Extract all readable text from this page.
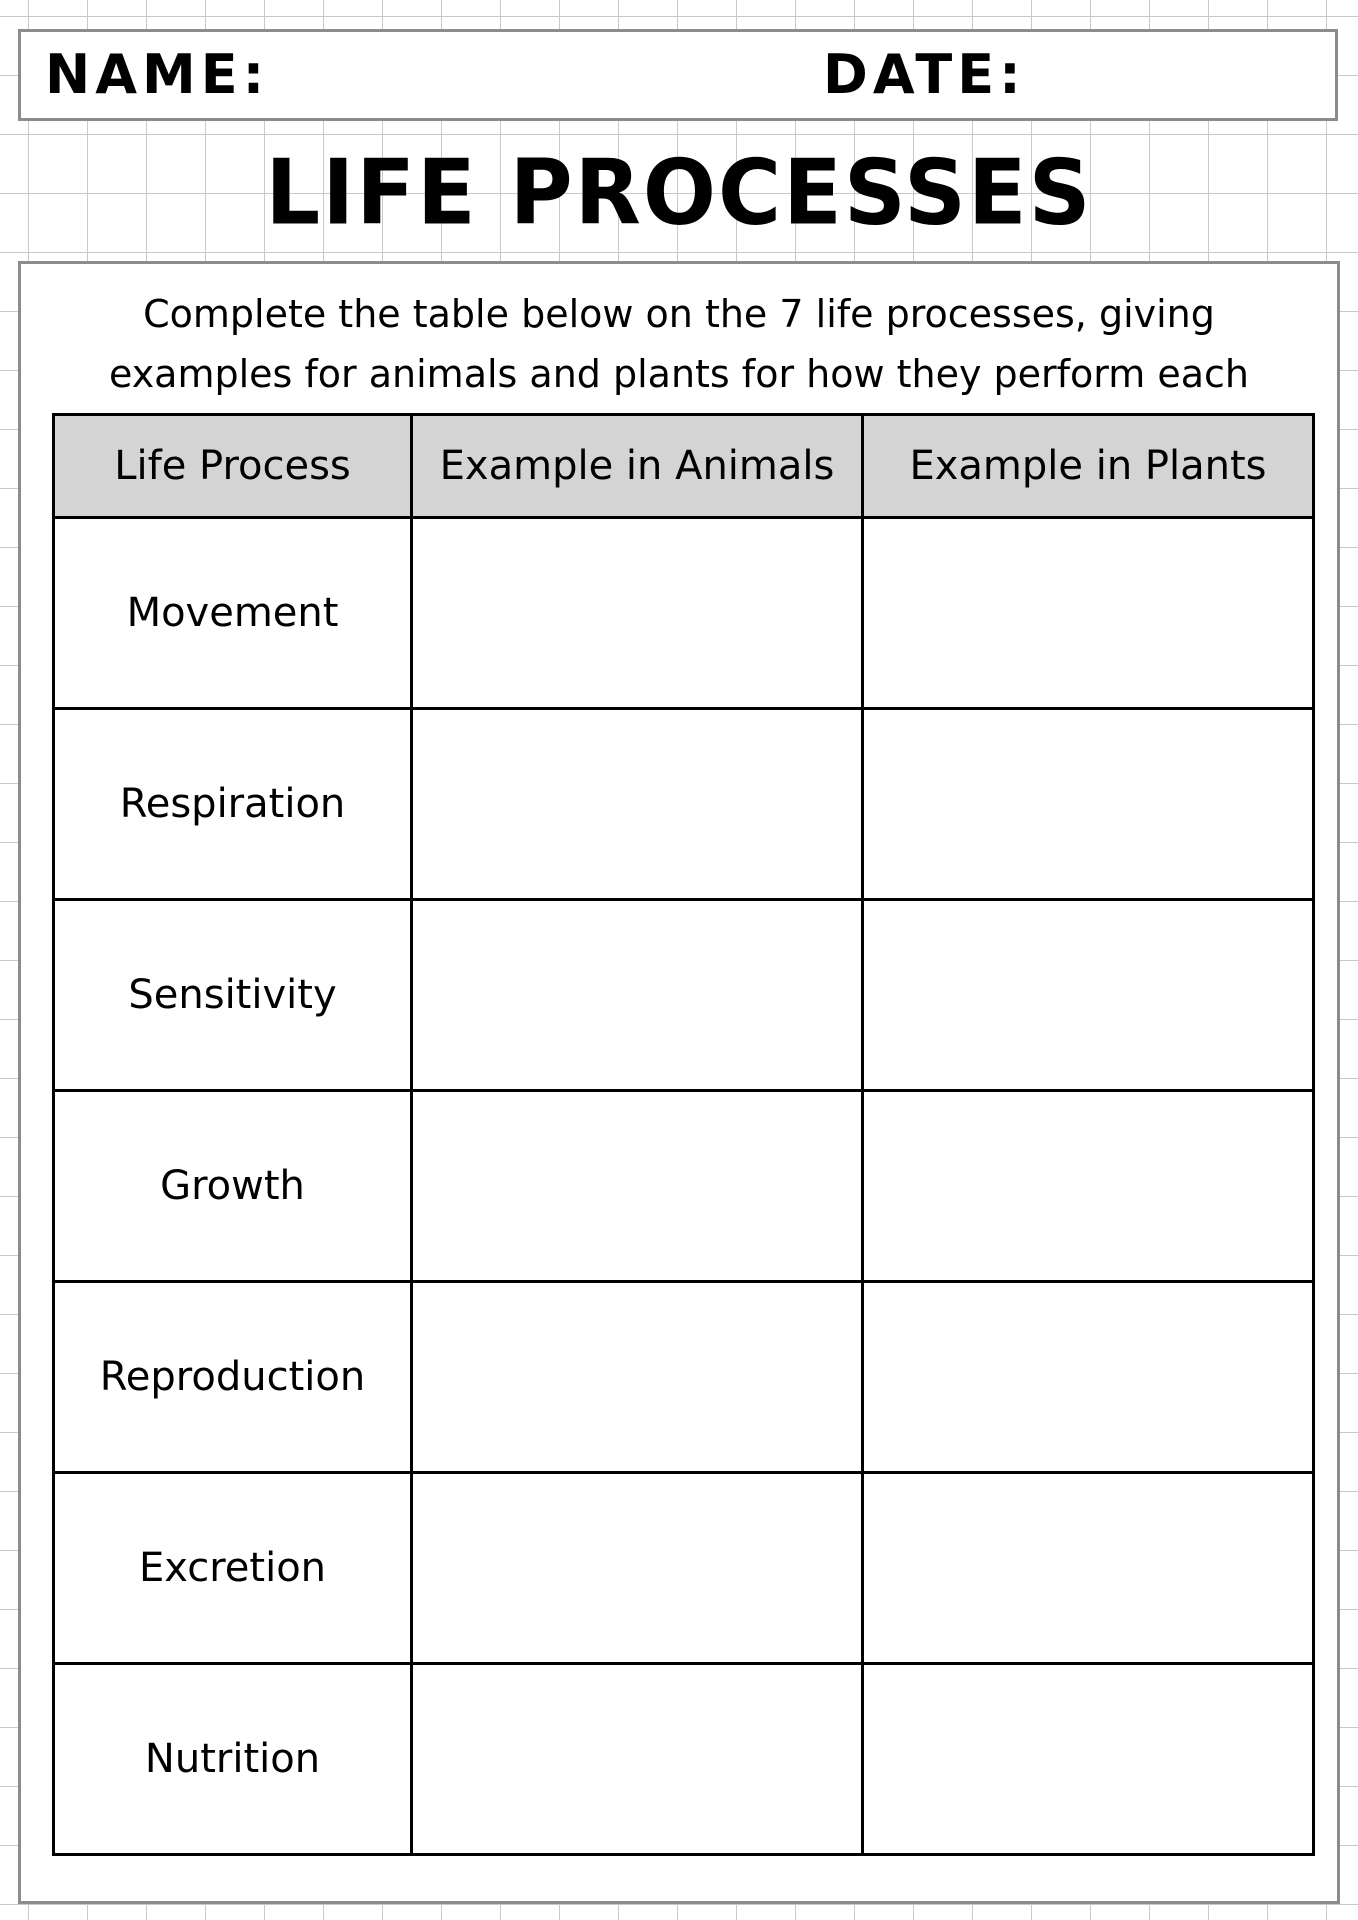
NAME:	DATE:
LIFE PROCESSES
Complete the table below on the 7 life processes, giving examples for animals and plants for how they perform each
Life Process	Example in Animals	Example in Plants
Movement		
Respiration		
Sensitivity		
Growth		
Reproduction		
Excretion		
Nutrition		
